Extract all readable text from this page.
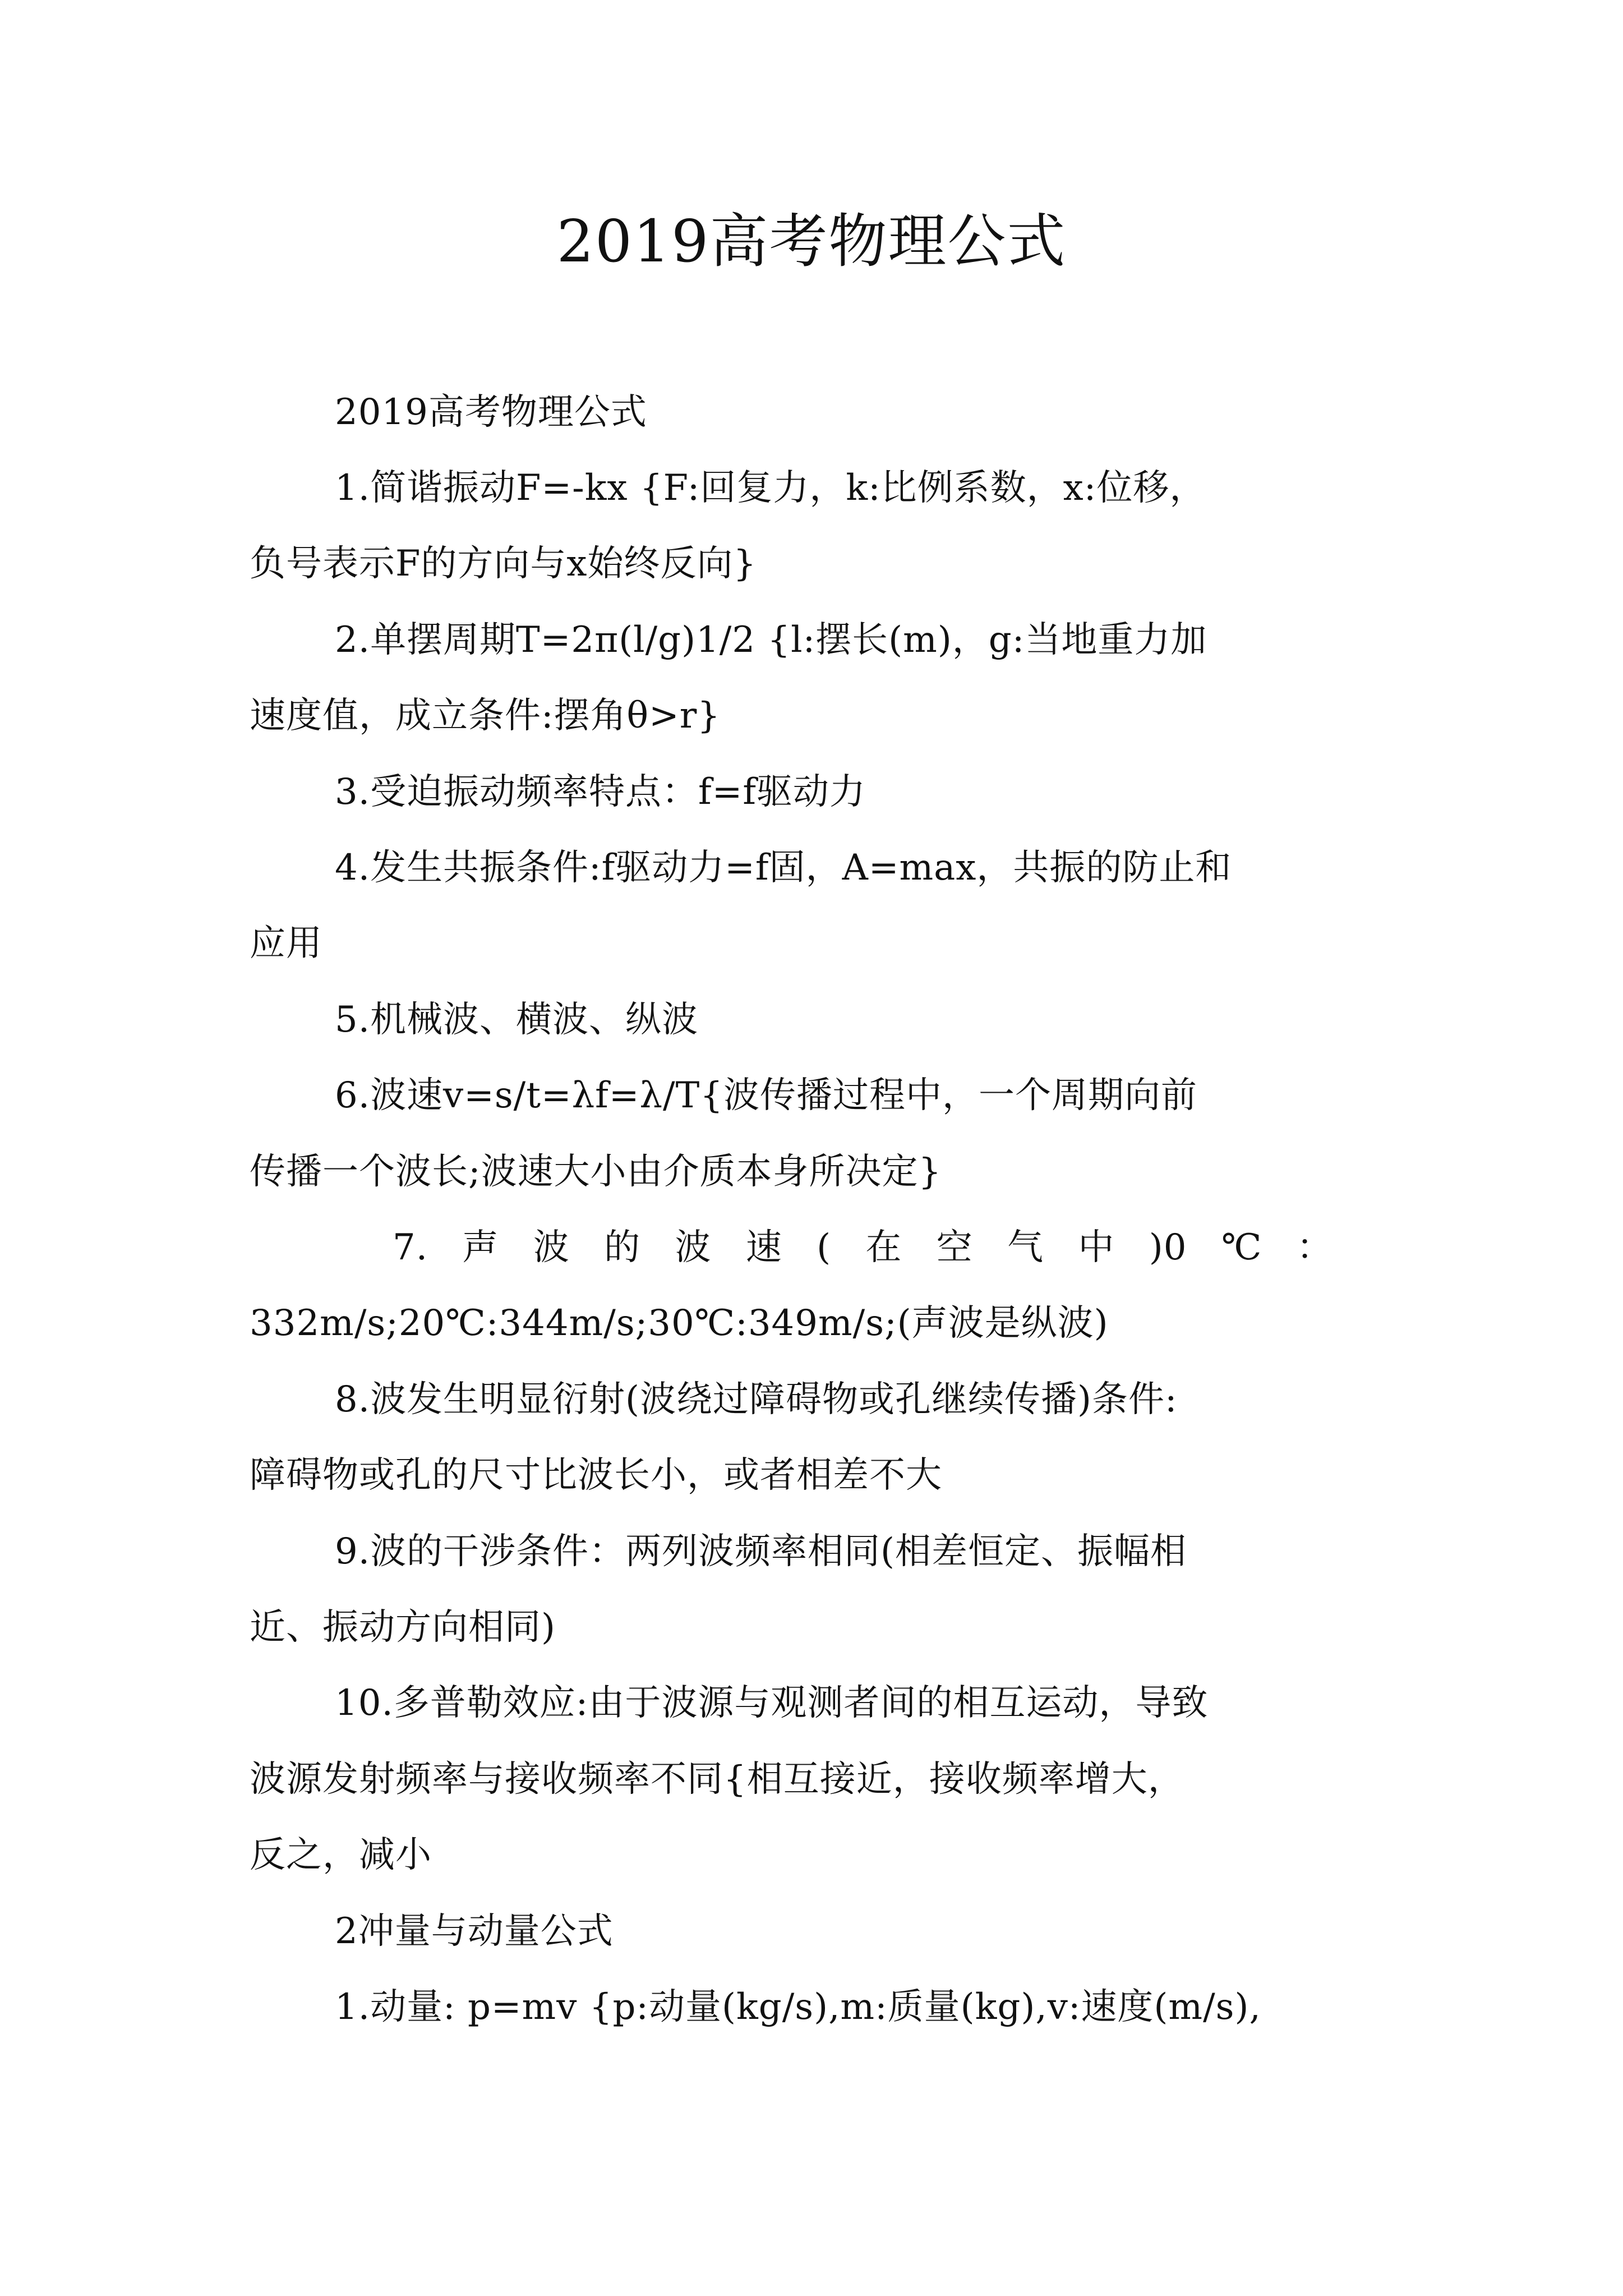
2019高考物理公式
2019高考物理公式
1.简谐振动F=-kx {F:回复力，k:比例系数，x:位移，
负号表示F的方向与x始终反向}
2.单摆周期T=2π(l/g)1/2 {l:摆长(m)，g:当地重力加
速度值，成立条件:摆角θ>r}
3.受迫振动频率特点：f=f驱动力
4.发生共振条件:f驱动力=f固，A=max，共振的防止和
应用
5.机械波、横波、纵波
6.波速v=s/t=λf=λ/T{波传播过程中，一个周期向前
传播一个波长;波速大小由介质本身所决定}
7. 声 波 的 波 速 ( 在 空 气 中 )0 ℃ ：
332m/s;20℃:344m/s;30℃:349m/s;(声波是纵波)
8.波发生明显衍射(波绕过障碍物或孔继续传播)条件:
障碍物或孔的尺寸比波长小，或者相差不大
9.波的干涉条件：两列波频率相同(相差恒定、振幅相
近、振动方向相同)
10.多普勒效应:由于波源与观测者间的相互运动，导致
波源发射频率与接收频率不同{相互接近，接收频率增大，
反之，减小
2冲量与动量公式
1.动量: p=mv {p:动量(kg/s),m:质量(kg),v:速度(m/s),
